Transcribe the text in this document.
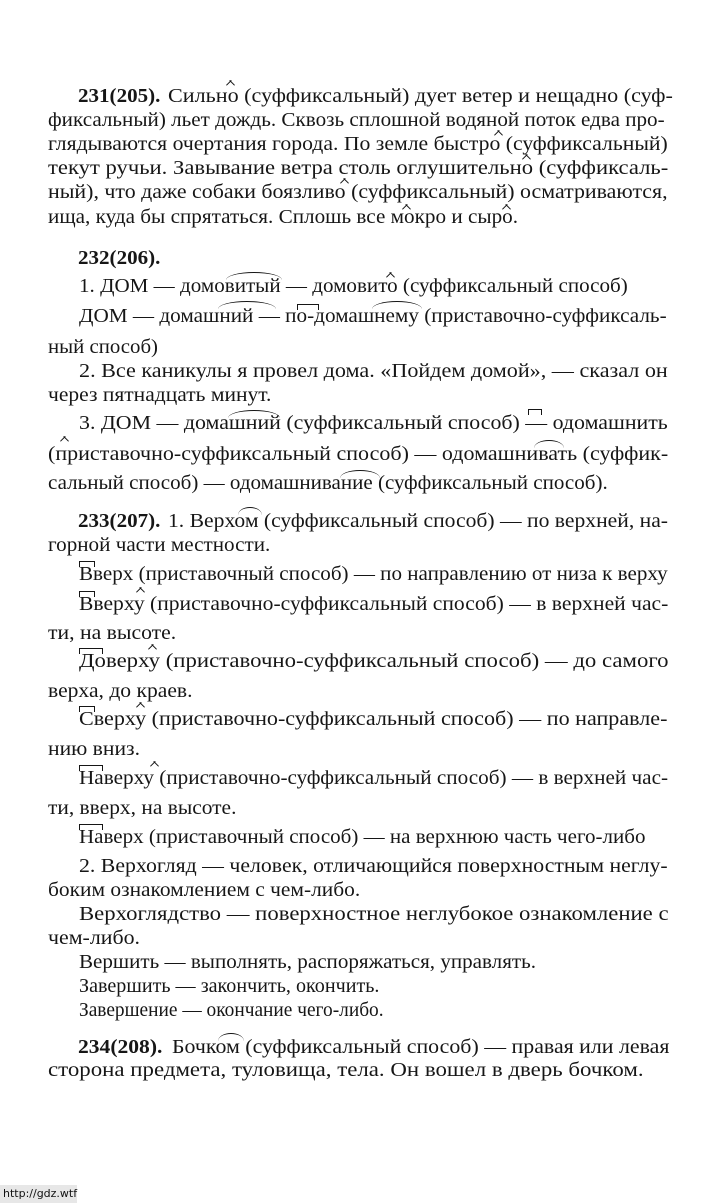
231(205). Сильно (суффиксальный) дует ветер и нещадно (суф-
фиксальный) льет дождь. Сквозь сплошной водяной поток едва про-
глядываются очертания города. По земле быстро (суффиксальный)
текут ручьи. Завывание ветра столь оглушительно (суффиксаль-
ный), что даже собаки боязливо (суффиксальный) осматриваются,
ища, куда бы спрятаться. Сплошь все мокро и сыро.
232(206).
1. ДОМ — домовитый — домовито (суффиксальный способ)
ДОМ — домашний — по-домашнему (приставочно-суффиксаль-
ный способ)
2. Все каникулы я провел дома. «Пойдем домой», — сказал он
через пятнадцать минут.
3. ДОМ — домашний (суффиксальный способ) — одомашнить
(приставочно-суффиксальный способ) — одомашнивать (суффик-
сальный способ) — одомашнивание (суффиксальный способ).
233(207). 1. Верхом (суффиксальный способ) — по верхней, на-
горной части местности.
Вверх (приставочный способ) — по направлению от низа к верху
Вверху (приставочно-суффиксальный способ) — в верхней час-
ти, на высоте.
Доверху (приставочно-суффиксальный способ) — до самого
верха, до краев.
Сверху (приставочно-суффиксальный способ) — по направле-
нию вниз.
Наверху (приставочно-суффиксальный способ) — в верхней час-
ти, вверх, на высоте.
Наверх (приставочный способ) — на верхнюю часть чего-либо
2. Верхогляд — человек, отличающийся поверхностным неглу-
боким ознакомлением с чем-либо.
Верхоглядство — поверхностное неглубокое ознакомление с
чем-либо.
Вершить — выполнять, распоряжаться, управлять.
Завершить — закончить, окончить.
Завершение — окончание чего-либо.
234(208). Бочком (суффиксальный способ) — правая или левая
сторона предмета, туловища, тела. Он вошел в дверь бочком.
http://gdz.wtf
